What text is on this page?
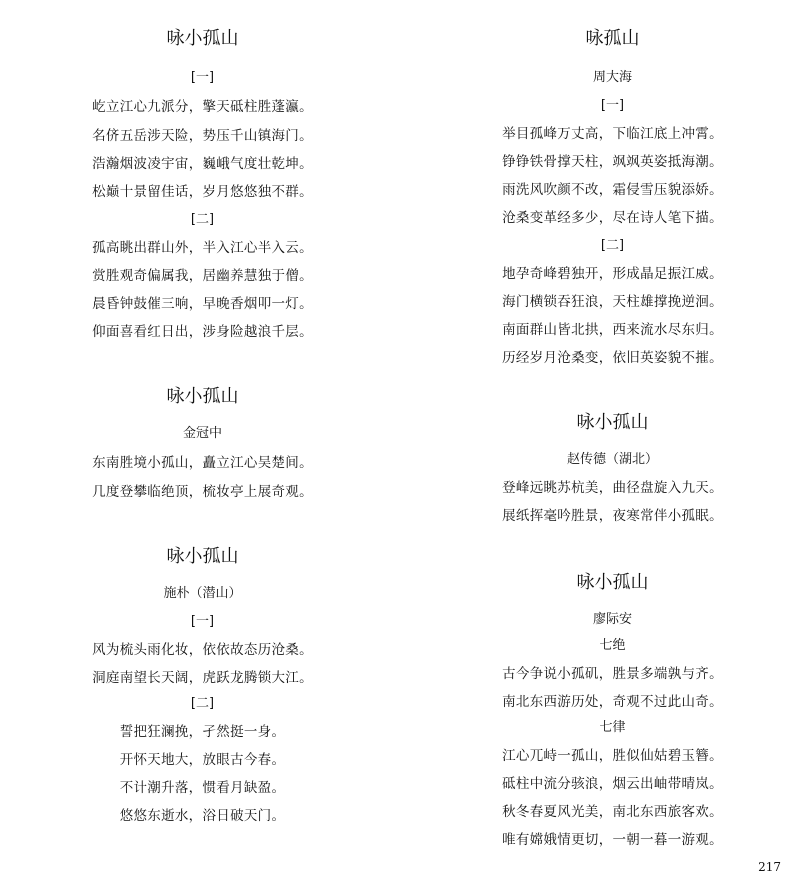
咏小孤山
[一]
屹立江心九派分，擎天砥柱胜蓬瀛。
名侪五岳涉天险，势压千山镇海门。
浩瀚烟波凌宇宙，巍峨气度壮乾坤。
松巅十景留佳话，岁月悠悠独不群。
[二]
孤高眺出群山外，半入江心半入云。
赏胜观奇偏属我，居幽养慧独于僧。
晨昏钟鼓催三响，早晚香烟叩一灯。
仰面喜看红日出，涉身险越浪千层。
咏小孤山
金冠中
东南胜境小孤山，矗立江心吴楚间。
几度登攀临绝顶，梳妆亭上展奇观。
咏小孤山
施朴（潜山）
[一]
风为梳头雨化妆，依依故态历沧桑。
洞庭南望长天阔，虎跃龙腾锁大江。
[二]
誓把狂澜挽，孑然挺一身。
开怀天地大，放眼古今春。
不计潮升落，惯看月缺盈。
悠悠东逝水，浴日破天门。
咏孤山
周大海
[一]
举目孤峰万丈高，下临江底上冲霄。
铮铮铁骨撑天柱，飒飒英姿抵海潮。
雨洗风吹颜不改，霜侵雪压貌添娇。
沧桑变革经多少，尽在诗人笔下描。
[二]
地孕奇峰碧独开，形成晶足振江威。
海门横锁吞狂浪，天柱雄撑挽逆洄。
南面群山皆北拱，西来流水尽东归。
历经岁月沧桑变，依旧英姿貌不摧。
咏小孤山
赵传德（湖北）
登峰远眺苏杭美，曲径盘旋入九天。
展纸挥毫吟胜景，夜寒常伴小孤眠。
咏小孤山
廖际安
七绝
古今争说小孤矶，胜景多端孰与齐。
南北东西游历处，奇观不过此山奇。
七律
江心兀峙一孤山，胜似仙姑碧玉簪。
砥柱中流分骇浪，烟云出岫带晴岚。
秋冬春夏风光美，南北东西旅客欢。
唯有嫦娥情更切，一朝一暮一游观。
217
